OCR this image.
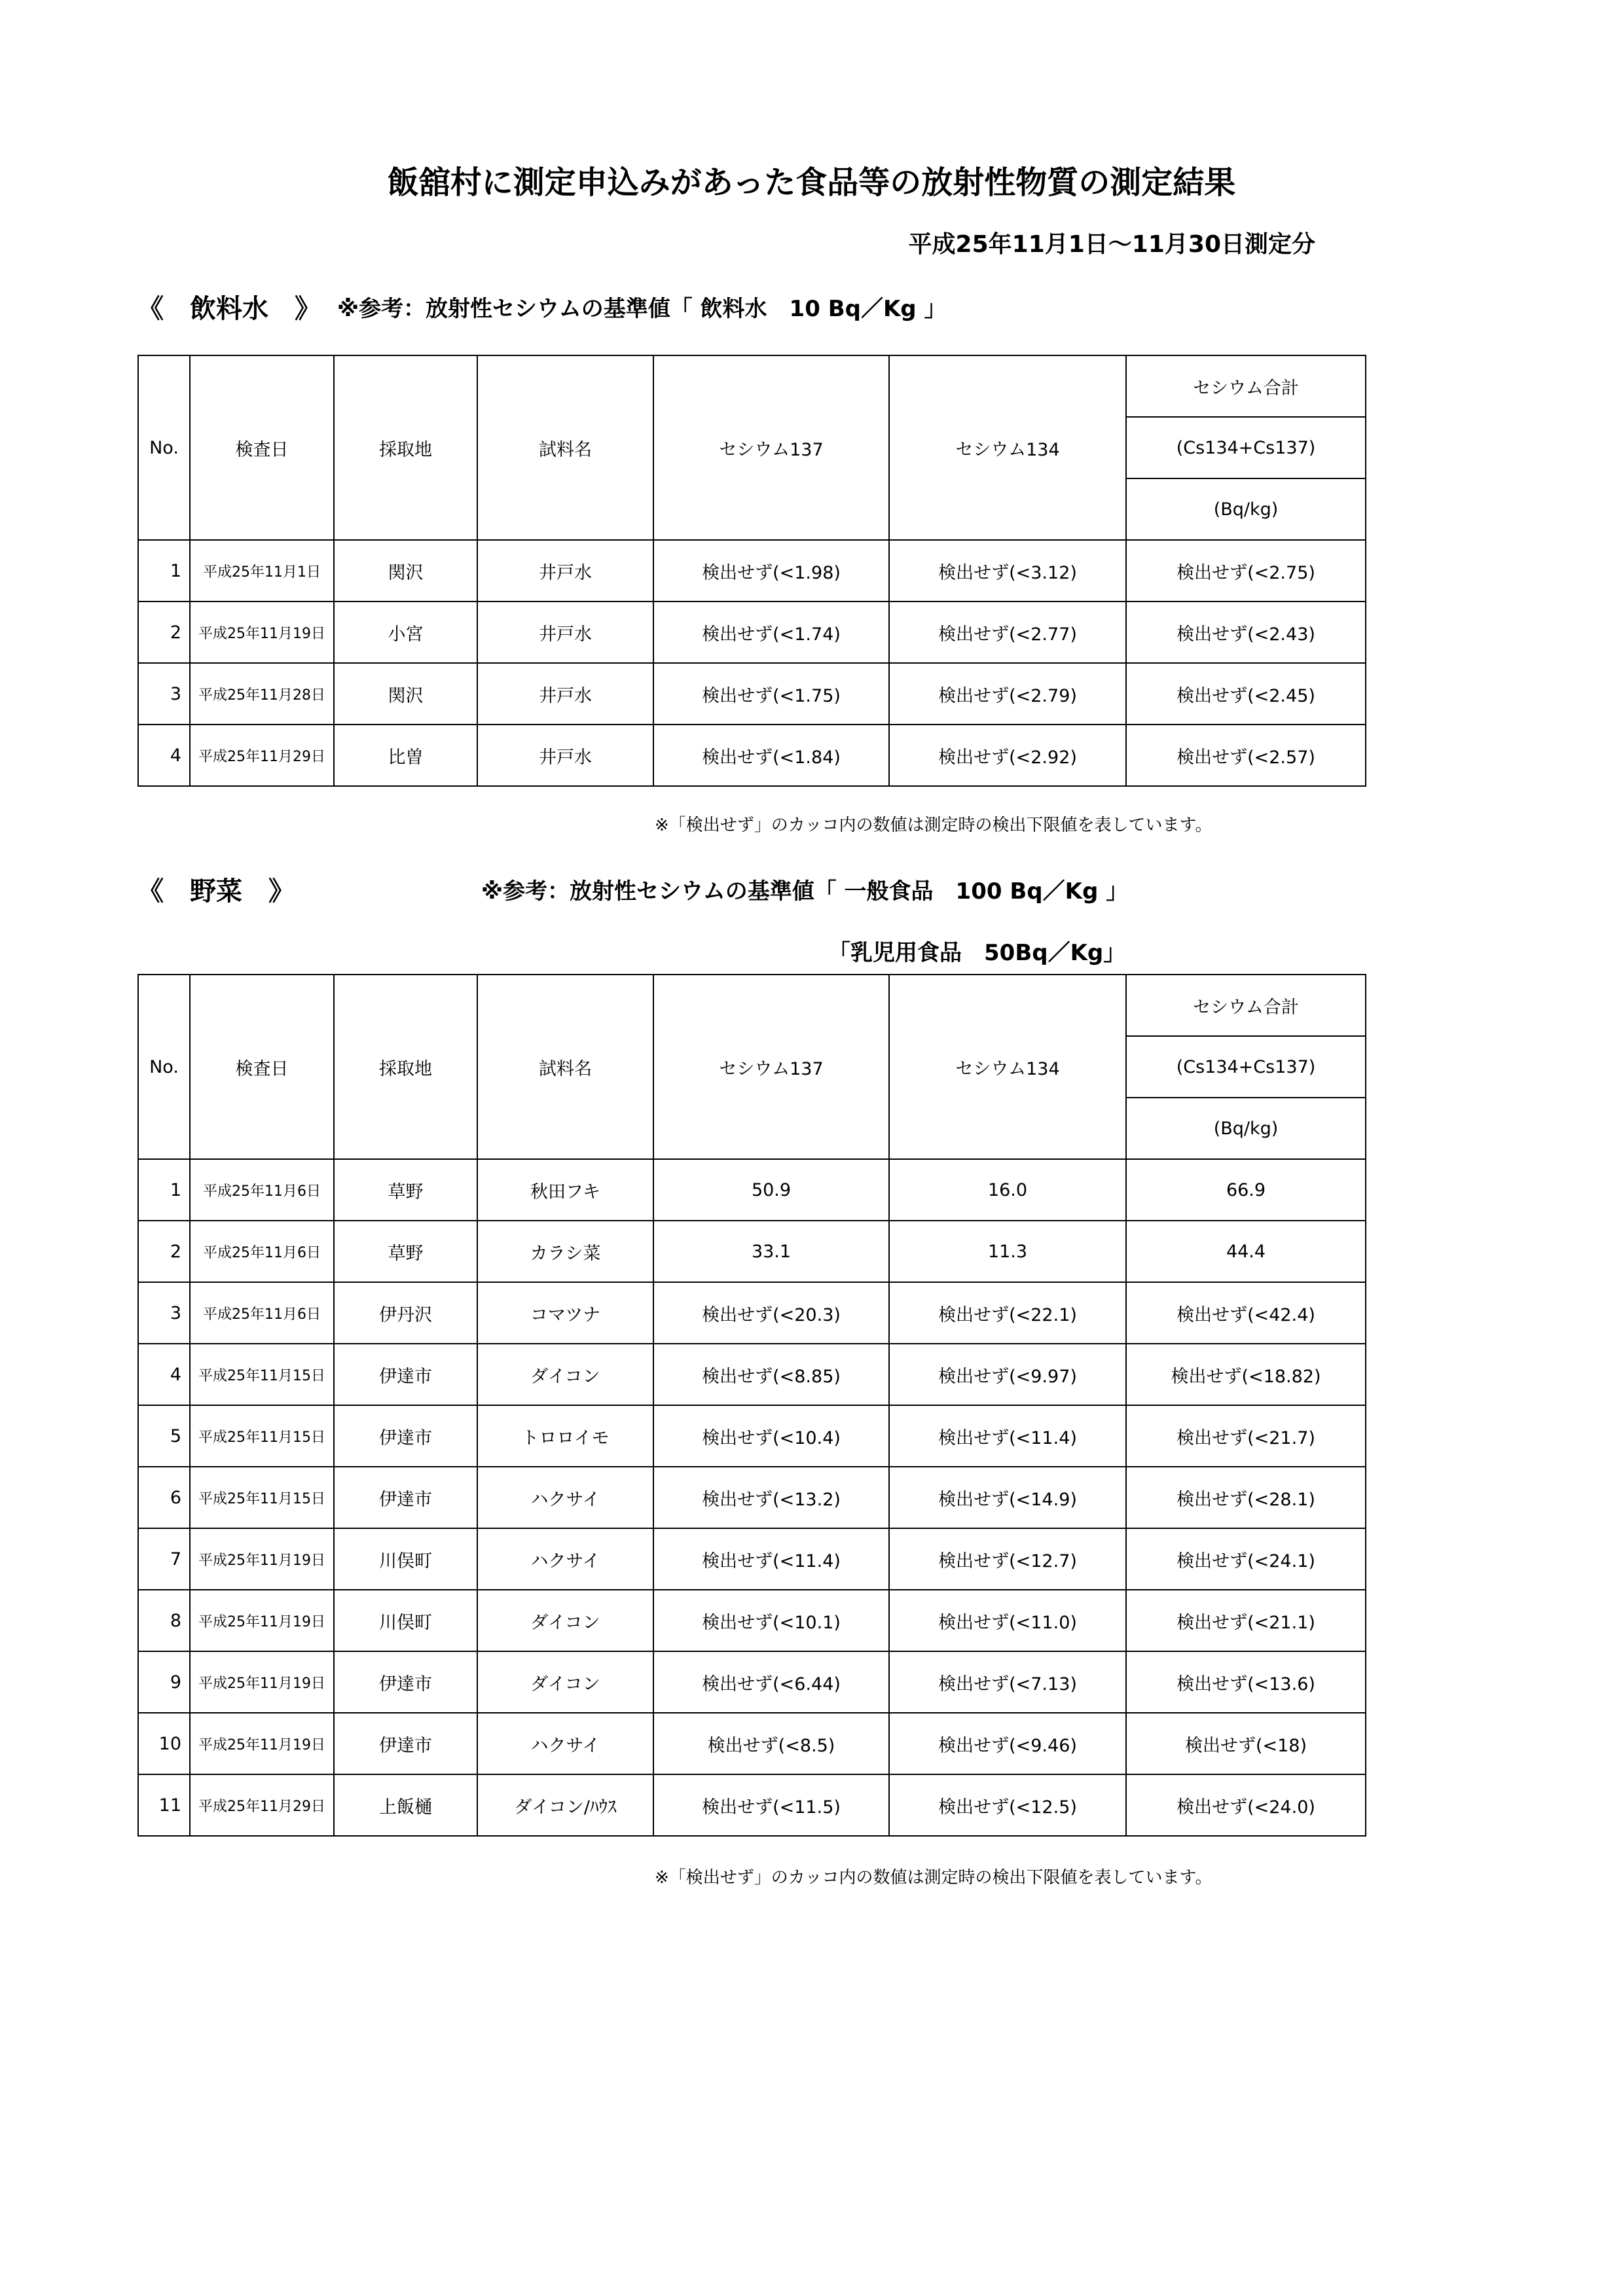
飯舘村に測定申込みがあった食品等の放射性物質の測定結果
平成25年11月1日～11月30日測定分
《　飲料水　》 ※参考：放射性セシウムの基準値「 飲料水　10 Bq／Kg 」
No.	検査日	採取地	試料名	セシウム137	セシウム134	セシウム合計
						(Cs134+Cs137)
						(Bq/kg)
1	平成25年11月1日	関沢	井戸水	検出せず(<1.98)	検出せず(<3.12)	検出せず(<2.75)
2	平成25年11月19日	小宮	井戸水	検出せず(<1.74)	検出せず(<2.77)	検出せず(<2.43)
3	平成25年11月28日	関沢	井戸水	検出せず(<1.75)	検出せず(<2.79)	検出せず(<2.45)
4	平成25年11月29日	比曽	井戸水	検出せず(<1.84)	検出せず(<2.92)	検出せず(<2.57)
※「検出せず」のカッコ内の数値は測定時の検出下限値を表しています。
《　野菜　》	※参考：放射性セシウムの基準値「 一般食品　100 Bq／Kg 」
「乳児用食品　50Bq／Kg」
No.	検査日	採取地	試料名	セシウム137	セシウム134	セシウム合計
						(Cs134+Cs137)
						(Bq/kg)
1	平成25年11月6日	草野	秋田フキ	50.9	16.0	66.9
2	平成25年11月6日	草野	カラシ菜	33.1	11.3	44.4
3	平成25年11月6日	伊丹沢	コマツナ	検出せず(<20.3)	検出せず(<22.1)	検出せず(<42.4)
4	平成25年11月15日	伊達市	ダイコン	検出せず(<8.85)	検出せず(<9.97)	検出せず(<18.82)
5	平成25年11月15日	伊達市	トロロイモ	検出せず(<10.4)	検出せず(<11.4)	検出せず(<21.7)
6	平成25年11月15日	伊達市	ハクサイ	検出せず(<13.2)	検出せず(<14.9)	検出せず(<28.1)
7	平成25年11月19日	川俣町	ハクサイ	検出せず(<11.4)	検出せず(<12.7)	検出せず(<24.1)
8	平成25年11月19日	川俣町	ダイコン	検出せず(<10.1)	検出せず(<11.0)	検出せず(<21.1)
9	平成25年11月19日	伊達市	ダイコン	検出せず(<6.44)	検出せず(<7.13)	検出せず(<13.6)
10	平成25年11月19日	伊達市	ハクサイ	検出せず(<8.5)	検出せず(<9.46)	検出せず(<18)
11	平成25年11月29日	上飯樋	ダイコン/ﾊｳｽ	検出せず(<11.5)	検出せず(<12.5)	検出せず(<24.0)
※「検出せず」のカッコ内の数値は測定時の検出下限値を表しています。
